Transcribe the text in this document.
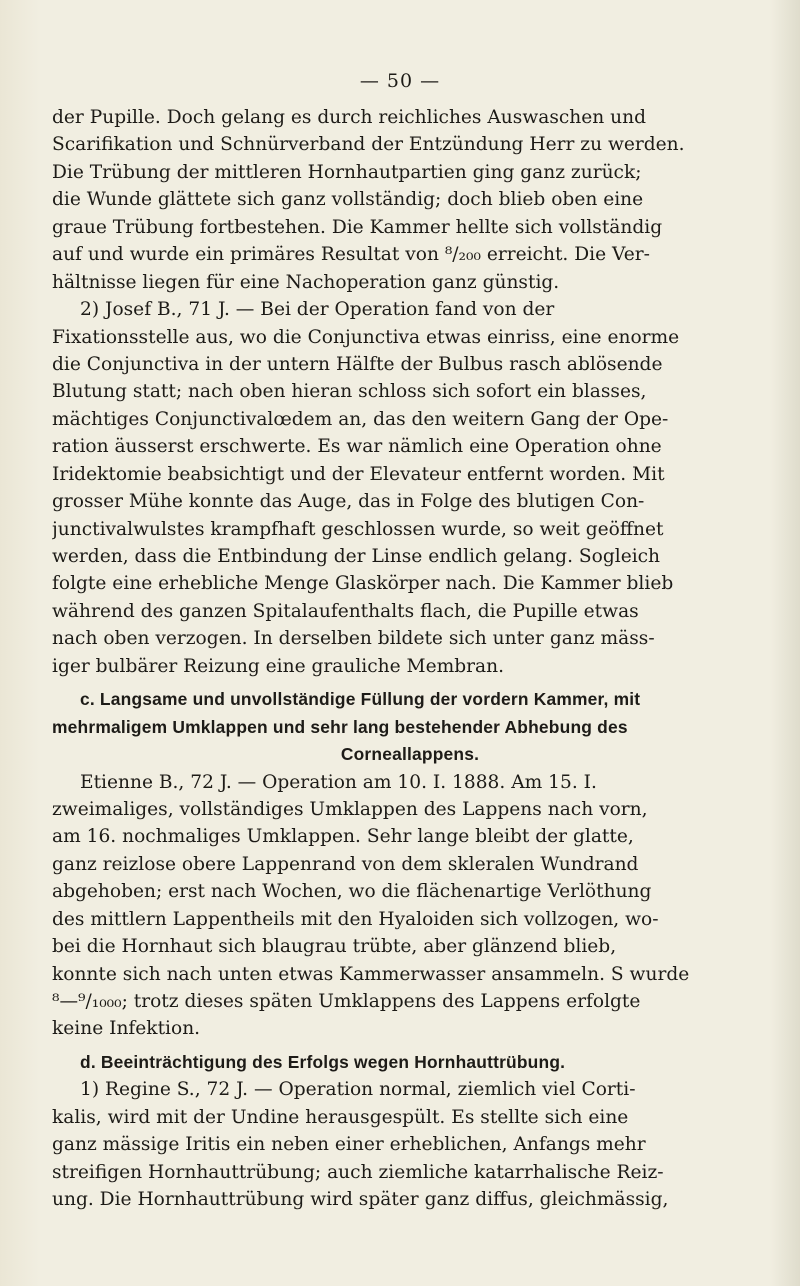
— 50 —
der Pupille. Doch gelang es durch reichliches Auswaschen und
Scarifikation und Schnürverband der Entzündung Herr zu werden.
Die Trübung der mittleren Hornhautpartien ging ganz zurück;
die Wunde glättete sich ganz vollständig; doch blieb oben eine
graue Trübung fortbestehen. Die Kammer hellte sich vollständig
auf und wurde ein primäres Resultat von ⁸/₂₀₀ erreicht. Die Ver-
hältnisse liegen für eine Nachoperation ganz günstig.
2) Josef B., 71 J. — Bei der Operation fand von der
Fixationsstelle aus, wo die Conjunctiva etwas einriss, eine enorme
die Conjunctiva in der untern Hälfte der Bulbus rasch ablösende
Blutung statt; nach oben hieran schloss sich sofort ein blasses,
mächtiges Conjunctivalœdem an, das den weitern Gang der Ope-
ration äusserst erschwerte. Es war nämlich eine Operation ohne
Iridektomie beabsichtigt und der Elevateur entfernt worden. Mit
grosser Mühe konnte das Auge, das in Folge des blutigen Con-
junctivalwulstes krampfhaft geschlossen wurde, so weit geöffnet
werden, dass die Entbindung der Linse endlich gelang. Sogleich
folgte eine erhebliche Menge Glaskörper nach. Die Kammer blieb
während des ganzen Spitalaufenthalts flach, die Pupille etwas
nach oben verzogen. In derselben bildete sich unter ganz mäss-
iger bulbärer Reizung eine grauliche Membran.
c. Langsame und unvollständige Füllung der vordern Kammer, mit
mehrmaligem Umklappen und sehr lang bestehender Abhebung des
Corneallappens.
Etienne B., 72 J. — Operation am 10. I. 1888. Am 15. I.
zweimaliges, vollständiges Umklappen des Lappens nach vorn,
am 16. nochmaliges Umklappen. Sehr lange bleibt der glatte,
ganz reizlose obere Lappenrand von dem skleralen Wundrand
abgehoben; erst nach Wochen, wo die flächenartige Verlöthung
des mittlern Lappentheils mit den Hyaloiden sich vollzogen, wo-
bei die Hornhaut sich blaugrau trübte, aber glänzend blieb,
konnte sich nach unten etwas Kammerwasser ansammeln. S wurde
⁸—⁹/₁₀₀₀; trotz dieses späten Umklappens des Lappens erfolgte
keine Infektion.
d. Beeinträchtigung des Erfolgs wegen Hornhauttrübung.
1) Regine S., 72 J. — Operation normal, ziemlich viel Corti-
kalis, wird mit der Undine herausgespült. Es stellte sich eine
ganz mässige Iritis ein neben einer erheblichen, Anfangs mehr
streifigen Hornhauttrübung; auch ziemliche katarrhalische Reiz-
ung. Die Hornhauttrübung wird später ganz diffus, gleichmässig,
